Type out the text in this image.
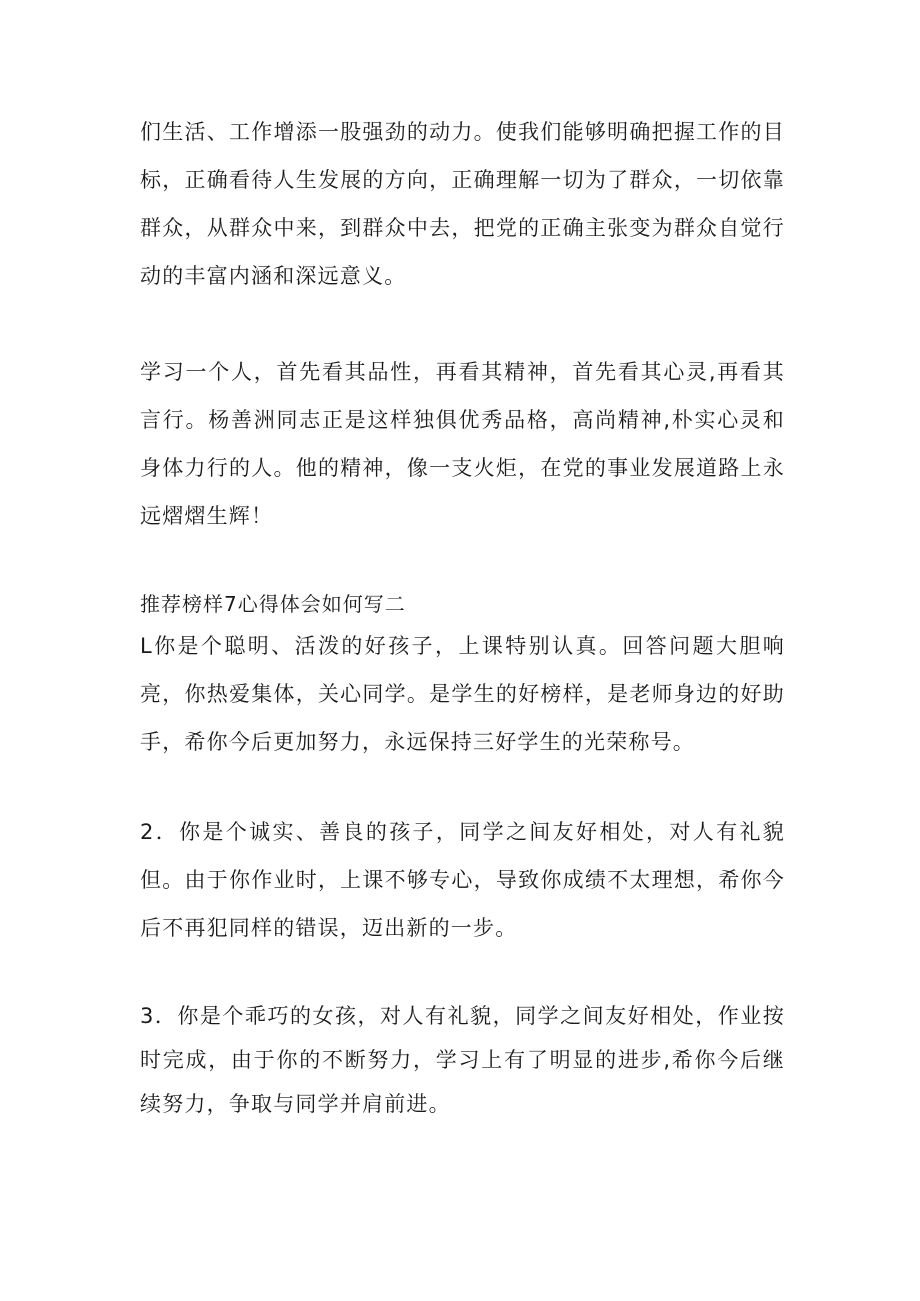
们生活、工作增添一股强劲的动力。使我们能够明确把握工作的目标，正确看待人生发展的方向，正确理解一切为了群众，一切依靠群众，从群众中来，到群众中去，把党的正确主张变为群众自觉行动的丰富内涵和深远意义。

学习一个人，首先看其品性，再看其精神，首先看其心灵,再看其言行。杨善洲同志正是这样独俱优秀品格，高尚精神,朴实心灵和身体力行的人。他的精神，像一支火炬，在党的事业发展道路上永远熠熠生辉！

推荐榜样7心得体会如何写二

L你是个聪明、活泼的好孩子，上课特别认真。回答问题大胆响亮，你热爱集体，关心同学。是学生的好榜样，是老师身边的好助手，希你今后更加努力，永远保持三好学生的光荣称号。

2．你是个诚实、善良的孩子，同学之间友好相处，对人有礼貌但。由于你作业时，上课不够专心，导致你成绩不太理想，希你今后不再犯同样的错误，迈出新的一步。

3．你是个乖巧的女孩，对人有礼貌，同学之间友好相处，作业按时完成，由于你的不断努力，学习上有了明显的进步,希你今后继续努力，争取与同学并肩前进。
